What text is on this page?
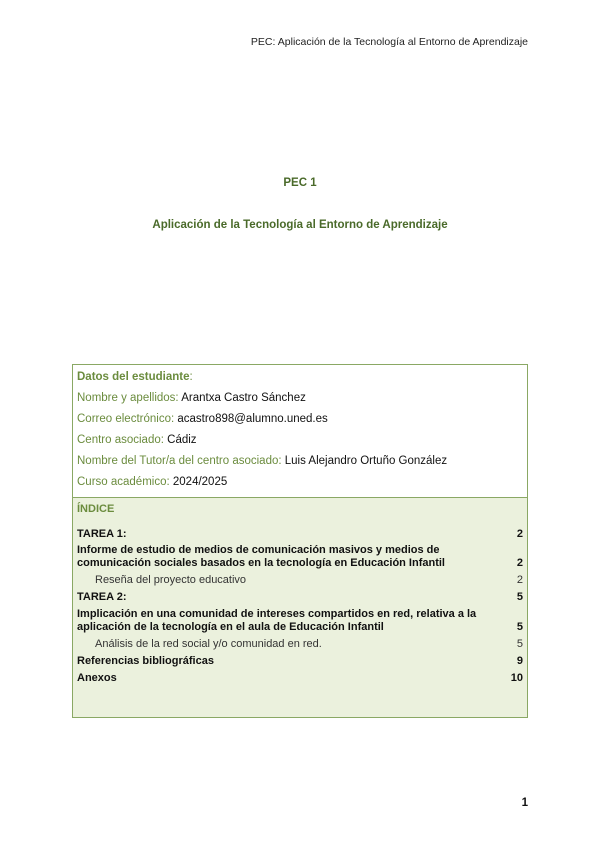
PEC: Aplicación de la Tecnología al Entorno de Aprendizaje
PEC 1
Aplicación de la Tecnología al Entorno de Aprendizaje
Datos del estudiante:
Nombre y apellidos: Arantxa Castro Sánchez
Correo electrónico: acastro898@alumno.uned.es
Centro asociado: Cádiz
Nombre del Tutor/a del centro asociado: Luis Alejandro Ortuño González
Curso académico: 2024/2025
ÍNDICE
TAREA 1:	2
Informe de estudio de medios de comunicación masivos y medios de comunicación sociales basados en la tecnología en Educación Infantil	2
Reseña del proyecto educativo	2
TAREA 2:	5
Implicación en una comunidad de intereses compartidos en red, relativa a la aplicación de la tecnología en el aula de Educación Infantil	5
Análisis de la red social y/o comunidad en red.	5
Referencias bibliográficas	9
Anexos	10
1
